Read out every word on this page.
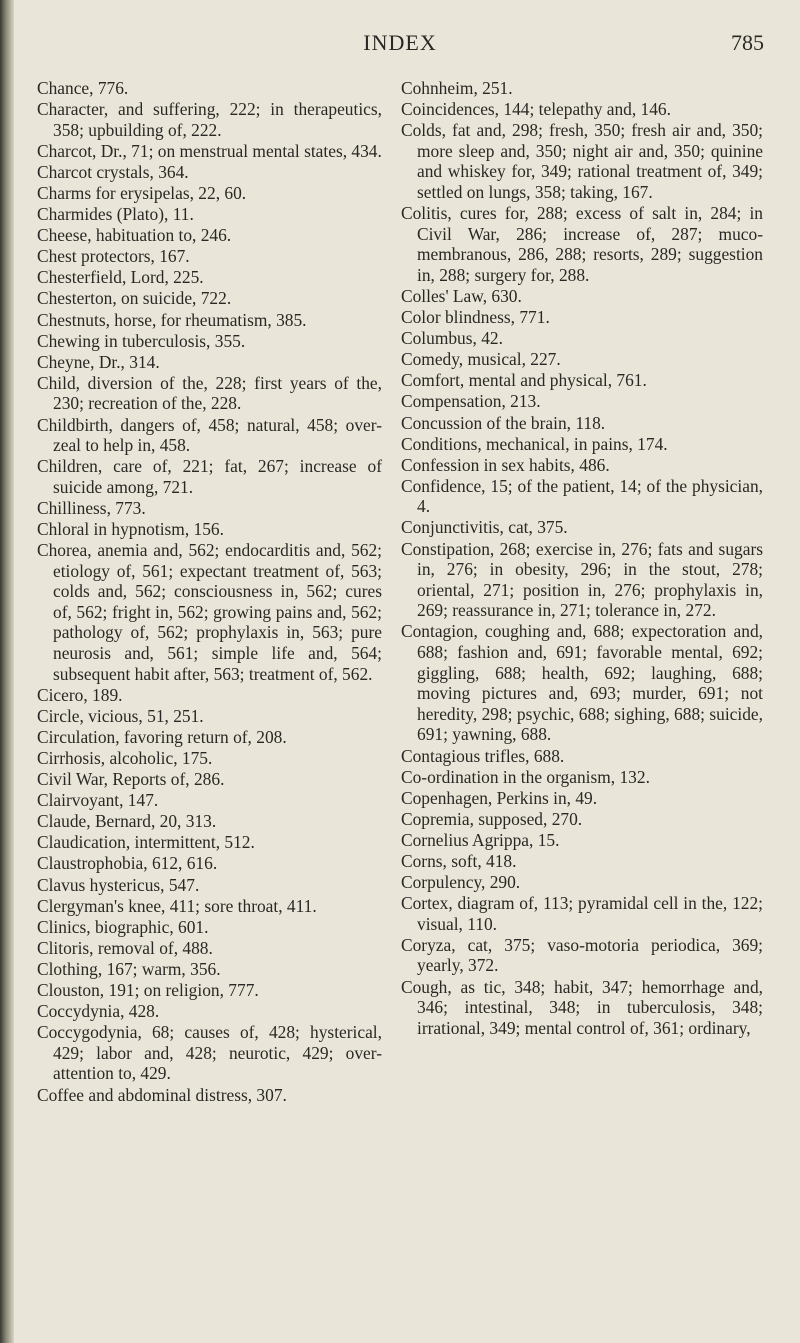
INDEX	785
Chance, 776.
Character, and suffering, 222; in therapeutics, 358; upbuilding of, 222.
Charcot, Dr., 71; on menstrual mental states, 434.
Charcot crystals, 364.
Charms for erysipelas, 22, 60.
Charmides (Plato), 11.
Cheese, habituation to, 246.
Chest protectors, 167.
Chesterfield, Lord, 225.
Chesterton, on suicide, 722.
Chestnuts, horse, for rheumatism, 385.
Chewing in tuberculosis, 355.
Cheyne, Dr., 314.
Child, diversion of the, 228; first years of the, 230; recreation of the, 228.
Childbirth, dangers of, 458; natural, 458; over-zeal to help in, 458.
Children, care of, 221; fat, 267; increase of suicide among, 721.
Chilliness, 773.
Chloral in hypnotism, 156.
Chorea, anemia and, 562; endocarditis and, 562; etiology of, 561; expectant treatment of, 563; colds and, 562; consciousness in, 562; cures of, 562; fright in, 562; growing pains and, 562; pathology of, 562; prophylaxis in, 563; pure neurosis and, 561; simple life and, 564; subsequent habit after, 563; treatment of, 562.
Cicero, 189.
Circle, vicious, 51, 251.
Circulation, favoring return of, 208.
Cirrhosis, alcoholic, 175.
Civil War, Reports of, 286.
Clairvoyant, 147.
Claude, Bernard, 20, 313.
Claudication, intermittent, 512.
Claustrophobia, 612, 616.
Clavus hystericus, 547.
Clergyman's knee, 411; sore throat, 411.
Clinics, biographic, 601.
Clitoris, removal of, 488.
Clothing, 167; warm, 356.
Clouston, 191; on religion, 777.
Coccydynia, 428.
Coccygodynia, 68; causes of, 428; hysterical, 429; labor and, 428; neurotic, 429; over-attention to, 429.
Coffee and abdominal distress, 307.
Cohnheim, 251.
Coincidences, 144; telepathy and, 146.
Colds, fat and, 298; fresh, 350; fresh air and, 350; more sleep and, 350; night air and, 350; quinine and whiskey for, 349; rational treatment of, 349; settled on lungs, 358; taking, 167.
Colitis, cures for, 288; excess of salt in, 284; in Civil War, 286; increase of, 287; muco-membranous, 286, 288; resorts, 289; suggestion in, 288; surgery for, 288.
Colles' Law, 630.
Color blindness, 771.
Columbus, 42.
Comedy, musical, 227.
Comfort, mental and physical, 761.
Compensation, 213.
Concussion of the brain, 118.
Conditions, mechanical, in pains, 174.
Confession in sex habits, 486.
Confidence, 15; of the patient, 14; of the physician, 4.
Conjunctivitis, cat, 375.
Constipation, 268; exercise in, 276; fats and sugars in, 276; in obesity, 296; in the stout, 278; oriental, 271; position in, 276; prophylaxis in, 269; reassurance in, 271; tolerance in, 272.
Contagion, coughing and, 688; expectoration and, 688; fashion and, 691; favorable mental, 692; giggling, 688; health, 692; laughing, 688; moving pictures and, 693; murder, 691; not heredity, 298; psychic, 688; sighing, 688; suicide, 691; yawning, 688.
Contagious trifles, 688.
Co-ordination in the organism, 132.
Copenhagen, Perkins in, 49.
Copremia, supposed, 270.
Cornelius Agrippa, 15.
Corns, soft, 418.
Corpulency, 290.
Cortex, diagram of, 113; pyramidal cell in the, 122; visual, 110.
Coryza, cat, 375; vaso-motoria periodica, 369; yearly, 372.
Cough, as tic, 348; habit, 347; hemorrhage and, 346; intestinal, 348; in tuberculosis, 348; irrational, 349; mental control of, 361; ordinary,
